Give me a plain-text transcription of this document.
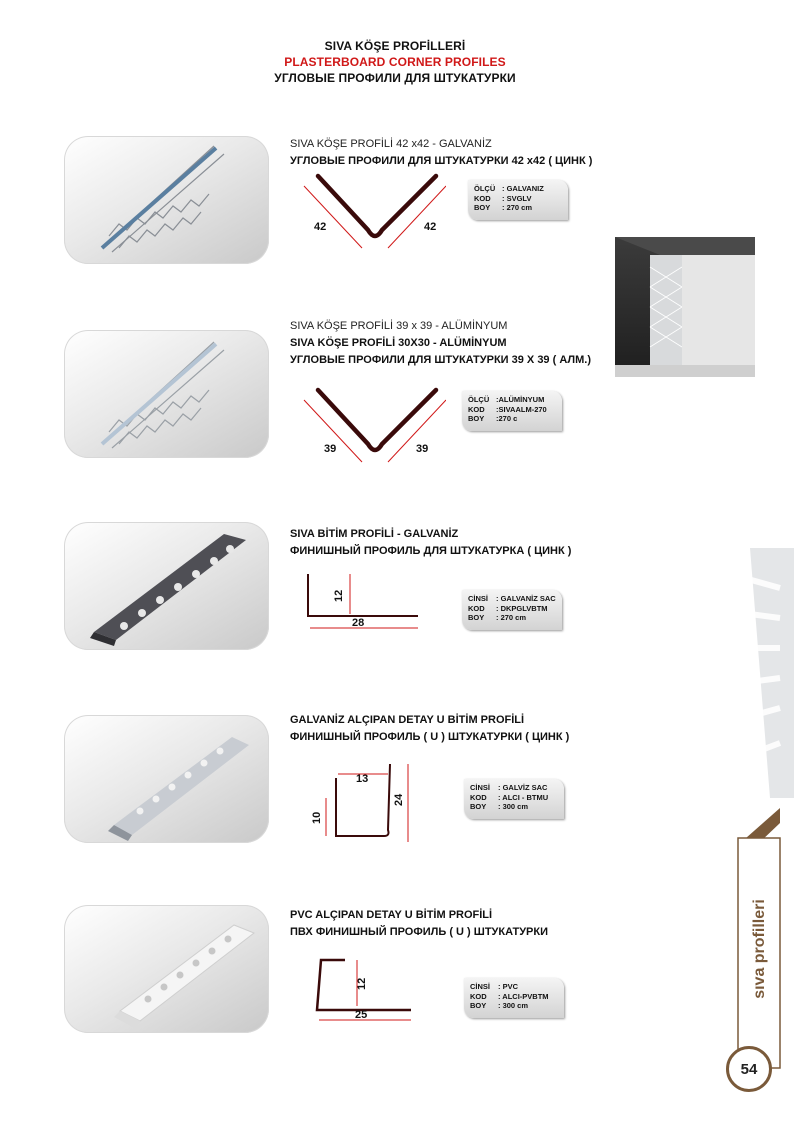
SIVA KÖŞE PROFİLLERİ
PLASTERBOARD CORNER PROFILES
УГЛОВЫЕ ПРОФИЛИ ДЛЯ ШТУКАТУРКИ
SIVA KÖŞE PROFİLİ 42 x42 - GALVANİZ
УГЛОВЫЕ ПРОФИЛИ ДЛЯ ШТУКАТУРКИ 42 x42 ( ЦИНК )
42	42
ÖLÇÜ : GALVANIZ
KOD	: SVGLV
BOY	: 270 cm
SIVA KÖŞE PROFİLİ 39 x 39 - ALÜMİNYUM
SIVA KÖŞE PROFİLİ 30X30 - ALÜMİNYUM
УГЛОВЫЕ ПРОФИЛИ ДЛЯ ШТУКАТУРКИ 39 X 39 ( АЛМ.)
39	39
ÖLÇÜ :ALÜMİNYUM
KOD	:SIVAALM-270
BOY	:270 c
SIVA BİTİM PROFİLİ - GALVANİZ
ФИНИШНЫЙ ПРОФИЛЬ ДЛЯ ШТУКАТУРКА ( ЦИНК )
12
28
CİNSİ	: GALVANİZ SAC
KOD	: DKPGLVBTM
BOY	: 270 cm
GALVANİZ ALÇIPAN DETAY U BİTİM PROFİLİ
ФИНИШНЫЙ ПРОФИЛЬ ( U ) ШТУКАТУРКИ ( ЦИНК )
13
24
10
CİNSİ	: GALVİZ SAC
KOD	: ALCI - BTMU
BOY	: 300 cm
PVC ALÇIPAN DETAY U BİTİM PROFİLİ
ПВХ ФИНИШНЫЙ ПРОФИЛЬ ( U ) ШТУКАТУРКИ
12
25
CİNSİ	: PVC
KOD	: ALCI-PVBTM
BOY	: 300 cm
sıva profilleri
54
